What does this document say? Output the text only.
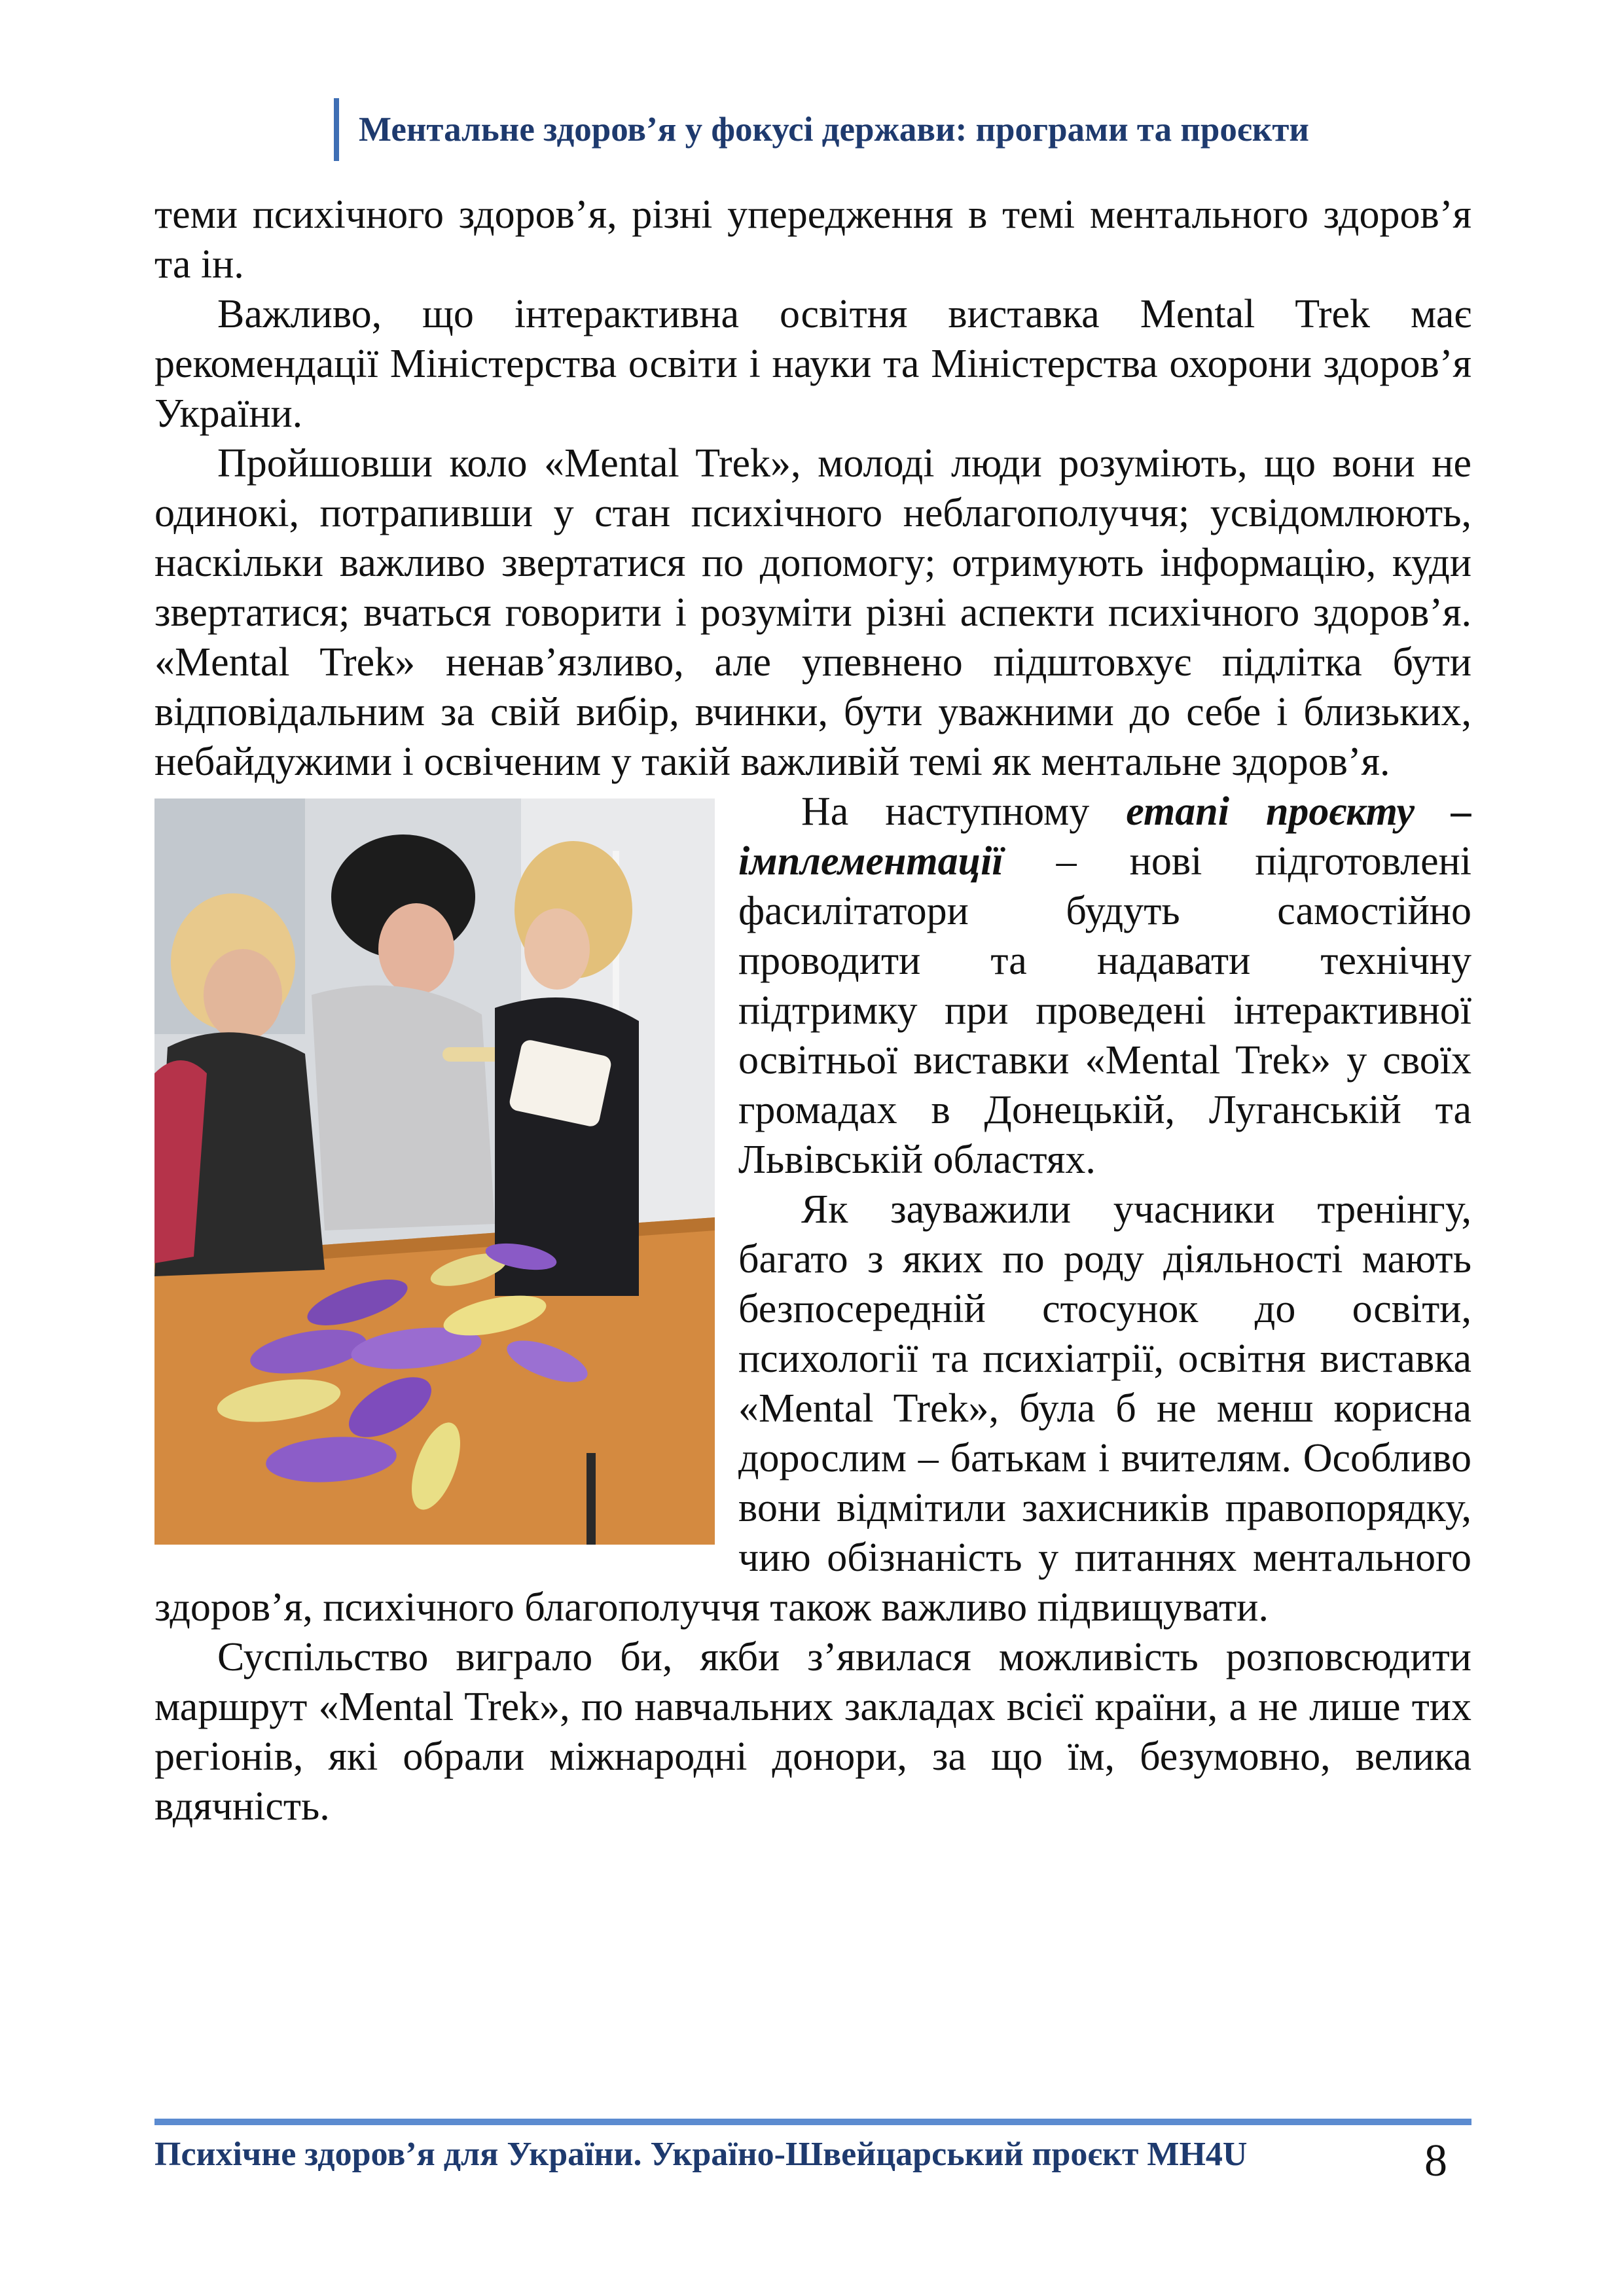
Ментальне здоров’я у фокусі держави: програми та проєкти

теми психічного здоров’я, різні упередження в темі ментального здоров’я та ін.

Важливо, що інтерактивна освітня виставка Mental Trek має рекомендації Міністерства освіти і науки та Міністерства охорони здоров’я України.

Пройшовши коло «Mental Trek», молоді люди розуміють, що вони не одинокі, потрапивши у стан психічного неблагополуччя; усвідомлюють, наскільки важливо звертатися по допомогу; отримують інформацію, куди звертатися; вчаться говорити і розуміти різні аспекти психічного здоров’я. «Mental Trek» ненав’язливо, але упевнено підштовхує підлітка бути відповідальним за свій вибір, вчинки, бути уважними до себе і близьких, небайдужими і освіченим у такій важливій темі як ментальне здоров’я.

На наступному етапі проєкту – імплементації – нові підготовлені фасилітатори будуть самостійно проводити та надавати технічну підтримку при проведені інтерактивної освітньої виставки «Mental Trek» у своїх громадах в Донецькій, Луганській та Львівській областях.

Як зауважили учасники тренінгу, багато з яких по роду діяльності мають безпосередній стосунок до освіти, психології та психіатрії, освітня виставка «Mental Trek», була б не менш корисна дорослим – батькам і вчителям. Особливо вони відмітили захисників правопорядку, чию обізнаність у питаннях ментального здоров’я, психічного благополуччя також важливо підвищувати.

Суспільство виграло би, якби з’явилася можливість розповсюдити маршрут «Mental Trek», по навчальних закладах всієї країни, а не лише тих регіонів, які обрали міжнародні донори, за що їм, безумовно, велика вдячність.

Психічне здоров’я для України. Україно-Швейцарський проєкт MH4U	8
